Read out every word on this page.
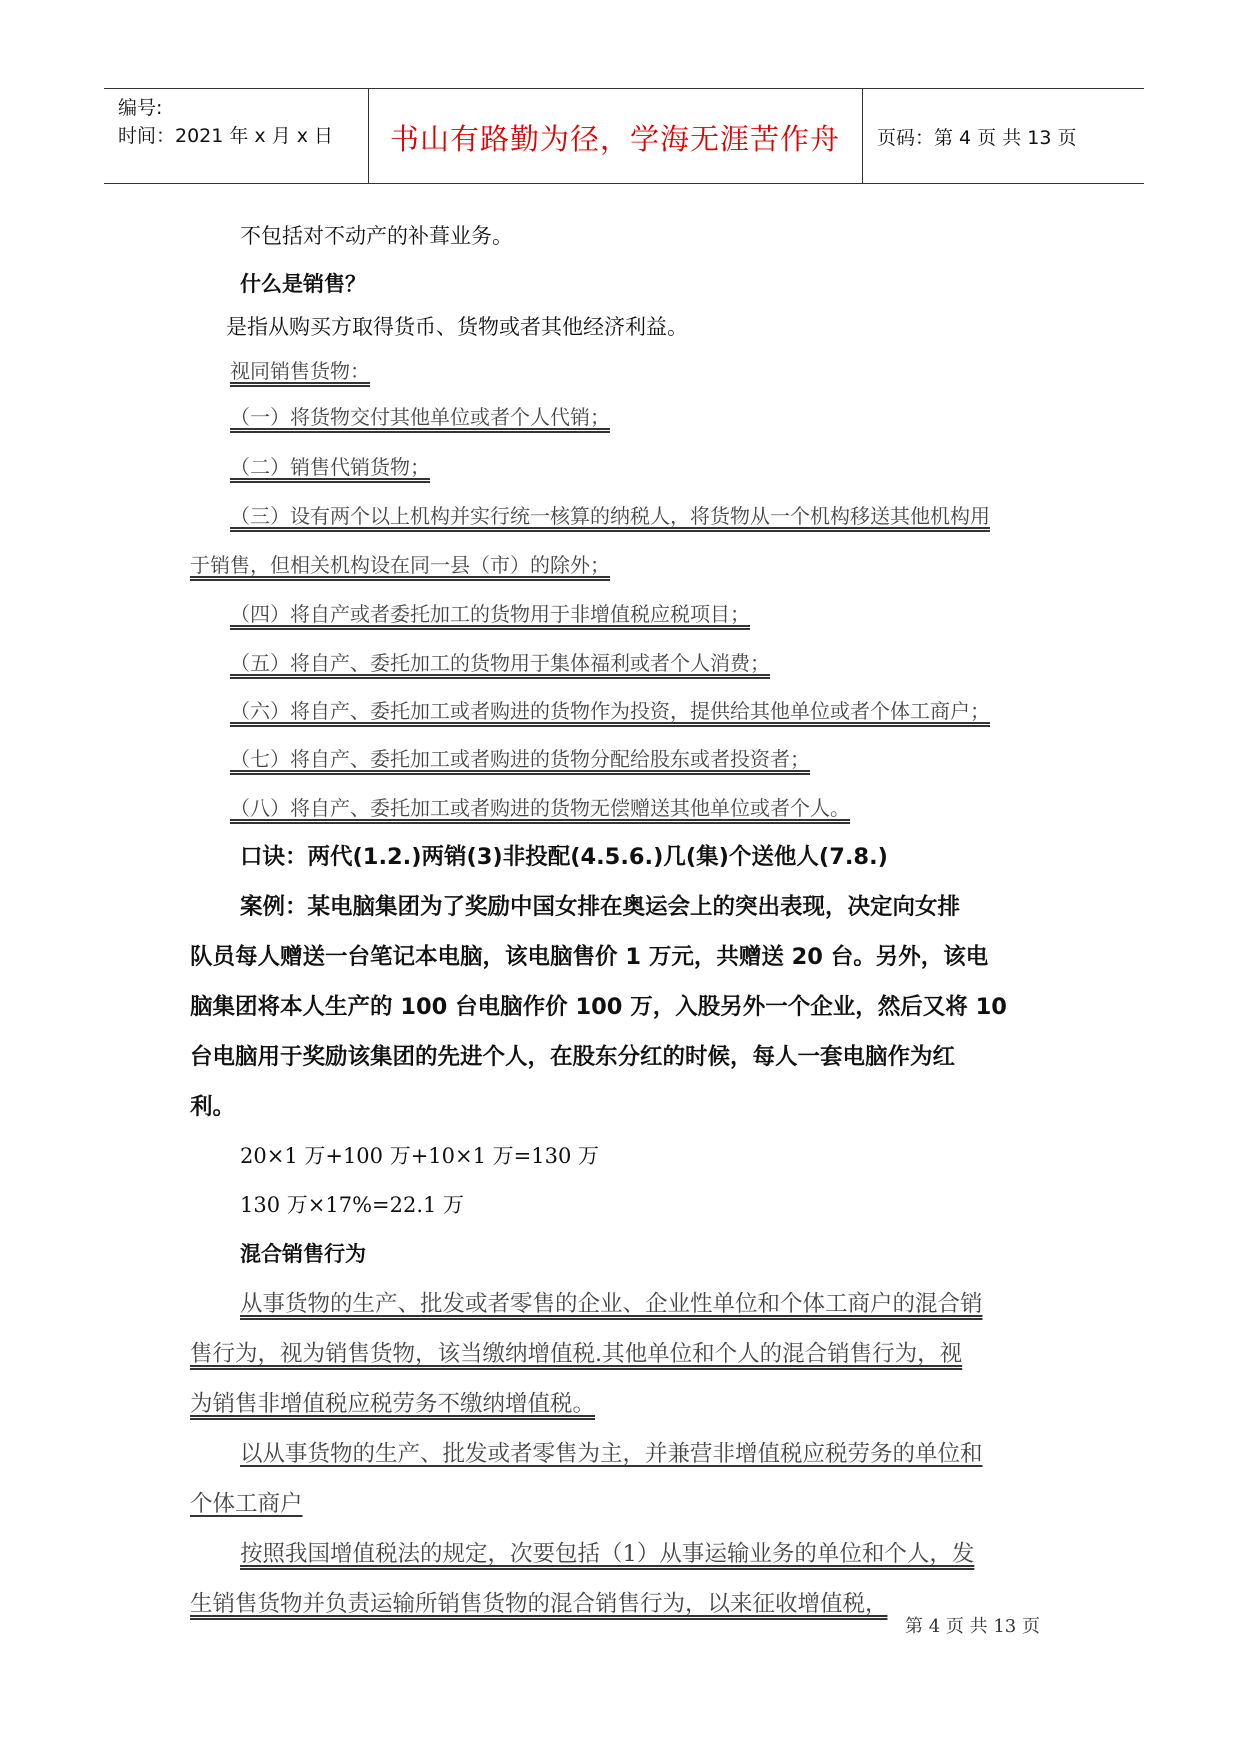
编号:
时间：2021 年 x 月 x 日	书山有路勤为径，学海无涯苦作舟	页码：第 4 页 共 13 页
不包括对不动产的补葺业务。
什么是销售？
是指从购买方取得货币、货物或者其他经济利益。
视同销售货物：
（一）将货物交付其他单位或者个人代销；
（二）销售代销货物；
（三）设有两个以上机构并实行统一核算的纳税人，将货物从一个机构移送其他机构用
于销售，但相关机构设在同一县（市）的除外；
（四）将自产或者委托加工的货物用于非增值税应税项目；
（五）将自产、委托加工的货物用于集体福利或者个人消费；
（六）将自产、委托加工或者购进的货物作为投资，提供给其他单位或者个体工商户；
（七）将自产、委托加工或者购进的货物分配给股东或者投资者；
（八）将自产、委托加工或者购进的货物无偿赠送其他单位或者个人。
口诀：两代(1.2.)两销(3)非投配(4.5.6.)几(集)个送他人(7.8.)
案例：某电脑集团为了奖励中国女排在奥运会上的突出表现，决定向女排
队员每人赠送一台笔记本电脑，该电脑售价 1 万元，共赠送 20 台。另外，该电
脑集团将本人生产的 100 台电脑作价 100 万，入股另外一个企业，然后又将 10
台电脑用于奖励该集团的先进个人，在股东分红的时候，每人一套电脑作为红
利。
20×1 万+100 万+10×1 万=130 万
130 万×17%=22.1 万
混合销售行为
从事货物的生产、批发或者零售的企业、企业性单位和个体工商户的混合销
售行为，视为销售货物，该当缴纳增值税.其他单位和个人的混合销售行为，视
为销售非增值税应税劳务不缴纳增值税。
以从事货物的生产、批发或者零售为主，并兼营非增值税应税劳务的单位和
个体工商户
按照我国增值税法的规定，次要包括（1）从事运输业务的单位和个人，发
生销售货物并负责运输所销售货物的混合销售行为，以来征收增值税，
第 4 页 共 13 页
